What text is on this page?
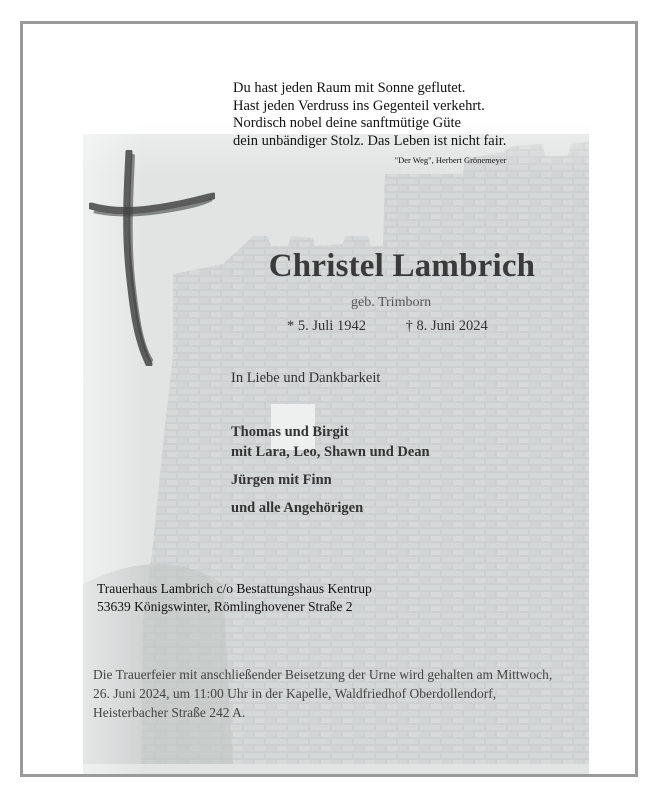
Du hast jeden Raum mit Sonne geflutet.
Hast jeden Verdruss ins Gegenteil verkehrt.
Nordisch nobel deine sanftmütige Güte
dein unbändiger Stolz. Das Leben ist nicht fair.
"Der Weg", Herbert Grönemeyer
Christel Lambrich
geb. Trimborn
* 5. Juli 1942	† 8. Juni 2024
In Liebe und Dankbarkeit
Thomas und Birgit
mit Lara, Leo, Shawn und Dean
Jürgen mit Finn
und alle Angehörigen
Trauerhaus Lambrich c/o Bestattungshaus Kentrup
53639 Königswinter, Römlinghovener Straße 2
Die Trauerfeier mit anschließender Beisetzung der Urne wird gehalten am Mittwoch,
26. Juni 2024, um 11:00 Uhr in der Kapelle, Waldfriedhof Oberdollendorf,
Heisterbacher Straße 242 A.
